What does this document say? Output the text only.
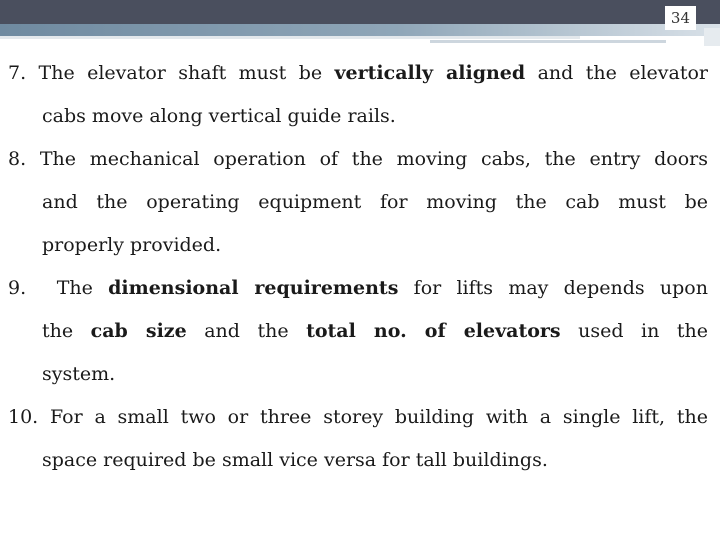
34
7. The elevator shaft must be vertically aligned and the elevator
cabs move along vertical guide rails.
8. The mechanical operation of the moving cabs, the entry doors
and the operating equipment for moving the cab must be
properly provided.
9. The dimensional requirements for lifts may depends upon
the cab size and the total no. of elevators used in the
system.
10. For a small two or three storey building with a single lift, the
space required be small vice versa for tall buildings.
